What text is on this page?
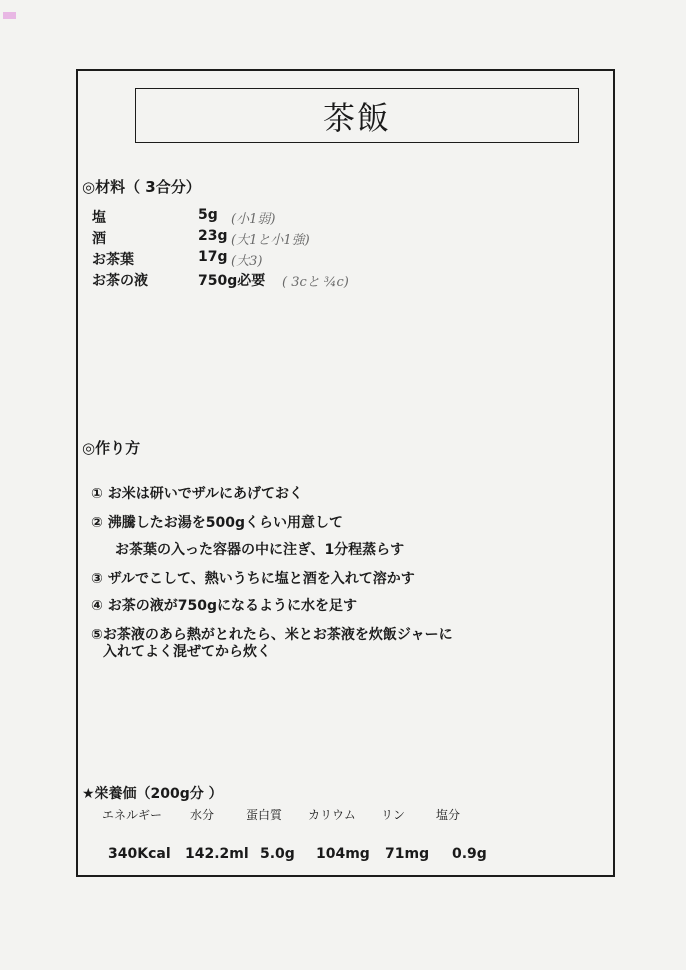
茶飯
◎材料（ 3合分）
塩	5g (小1弱)
酒	23g (大1と小1強)
お茶葉	17g (大3)
お茶の液	750g必要 ( 3cと ¾c)
◎作り方
① お米は研いでザルにあげておく
② 沸騰したお湯を500gくらい用意して
お茶葉の入った容器の中に注ぎ、1分程蒸らす
③ ザルでこして、熱いうちに塩と酒を入れて溶かす
④ お茶の液が750gになるように水を足す
⑤お茶液のあら熱がとれたら、米とお茶液を炊飯ジャーに
入れてよく混ぜてから炊く
★栄養価（200g分 ）
エネルギー 水分	蛋白質 カリウム リン	塩分
340Kcal 142.2ml 5.0g 104mg 71mg 0.9g
